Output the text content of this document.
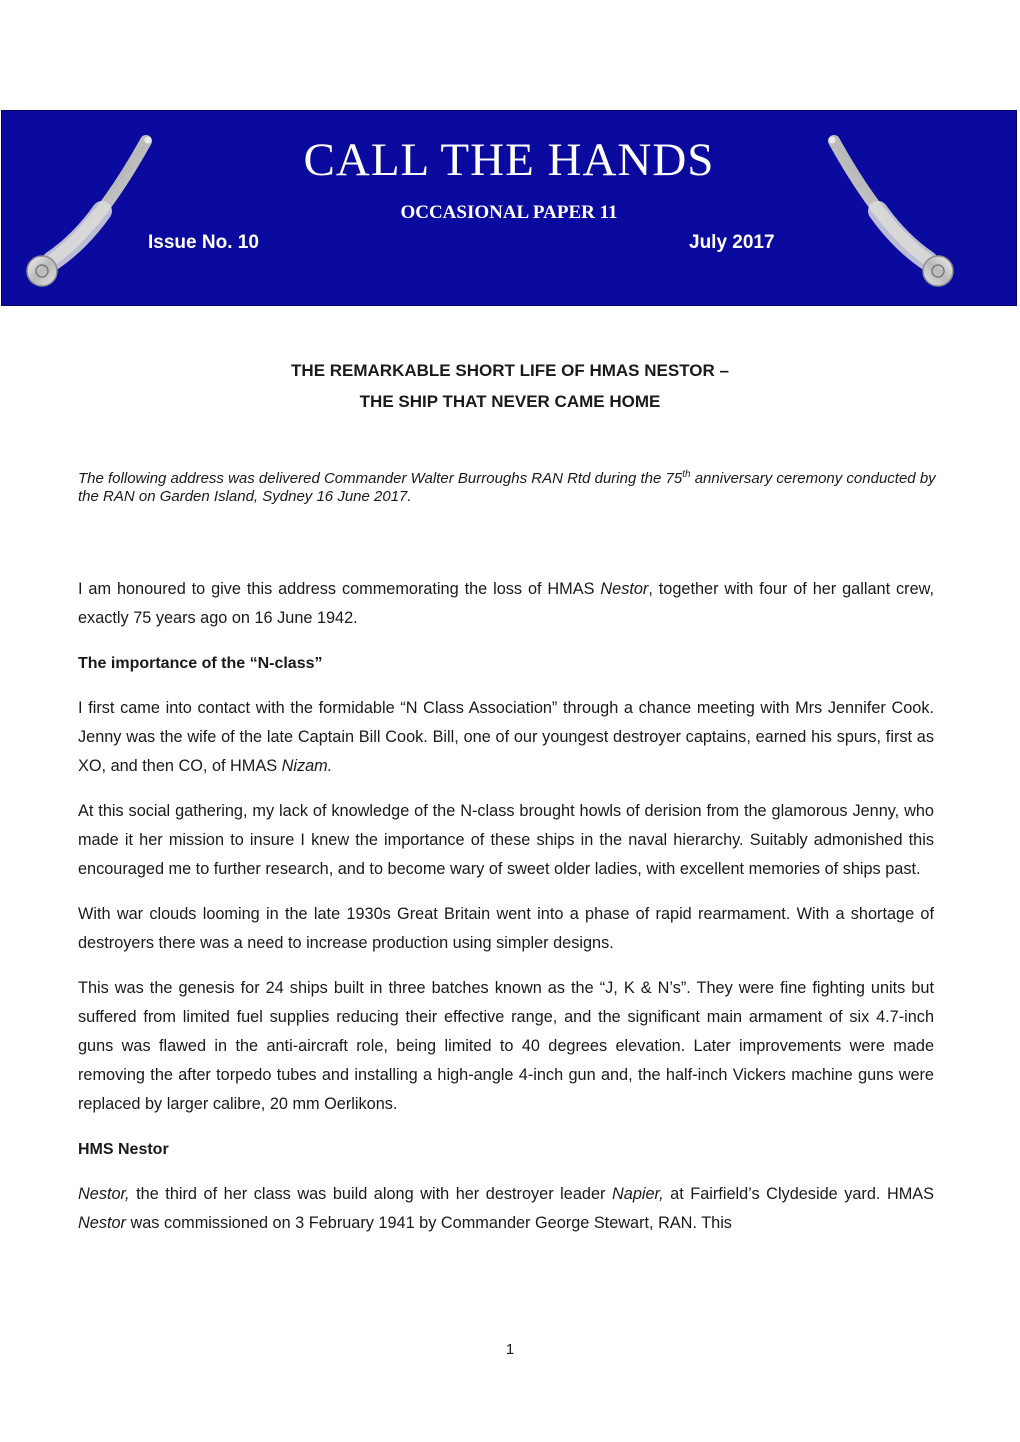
CALL THE HANDS
OCCASIONAL PAPER 11
Issue No. 10	July 2017
THE REMARKABLE SHORT LIFE OF HMAS NESTOR –
THE SHIP THAT NEVER CAME HOME
The following address was delivered Commander Walter Burroughs RAN Rtd during the 75th anniversary ceremony conducted by the RAN on Garden Island, Sydney 16 June 2017.

I am honoured to give this address commemorating the loss of HMAS Nestor, together with four of her gallant crew, exactly 75 years ago on 16 June 1942.

The importance of the “N-class”

I first came into contact with the formidable “N Class Association” through a chance meeting with Mrs Jennifer Cook. Jenny was the wife of the late Captain Bill Cook. Bill, one of our youngest destroyer captains, earned his spurs, first as XO, and then CO, of HMAS Nizam.

At this social gathering, my lack of knowledge of the N-class brought howls of derision from the glamorous Jenny, who made it her mission to insure I knew the importance of these ships in the naval hierarchy. Suitably admonished this encouraged me to further research, and to become wary of sweet older ladies, with excellent memories of ships past.

With war clouds looming in the late 1930s Great Britain went into a phase of rapid rearmament. With a shortage of destroyers there was a need to increase production using simpler designs.

This was the genesis for 24 ships built in three batches known as the “J, K & N’s”. They were fine fighting units but suffered from limited fuel supplies reducing their effective range, and the significant main armament of six 4.7-inch guns was flawed in the anti-aircraft role, being limited to 40 degrees elevation. Later improvements were made removing the after torpedo tubes and installing a high-angle 4-inch gun and, the half-inch Vickers machine guns were replaced by larger calibre, 20 mm Oerlikons.

HMS Nestor

Nestor, the third of her class was build along with her destroyer leader Napier, at Fairfield’s Clydeside yard. HMAS Nestor was commissioned on 3 February 1941 by Commander George Stewart, RAN. This

1
